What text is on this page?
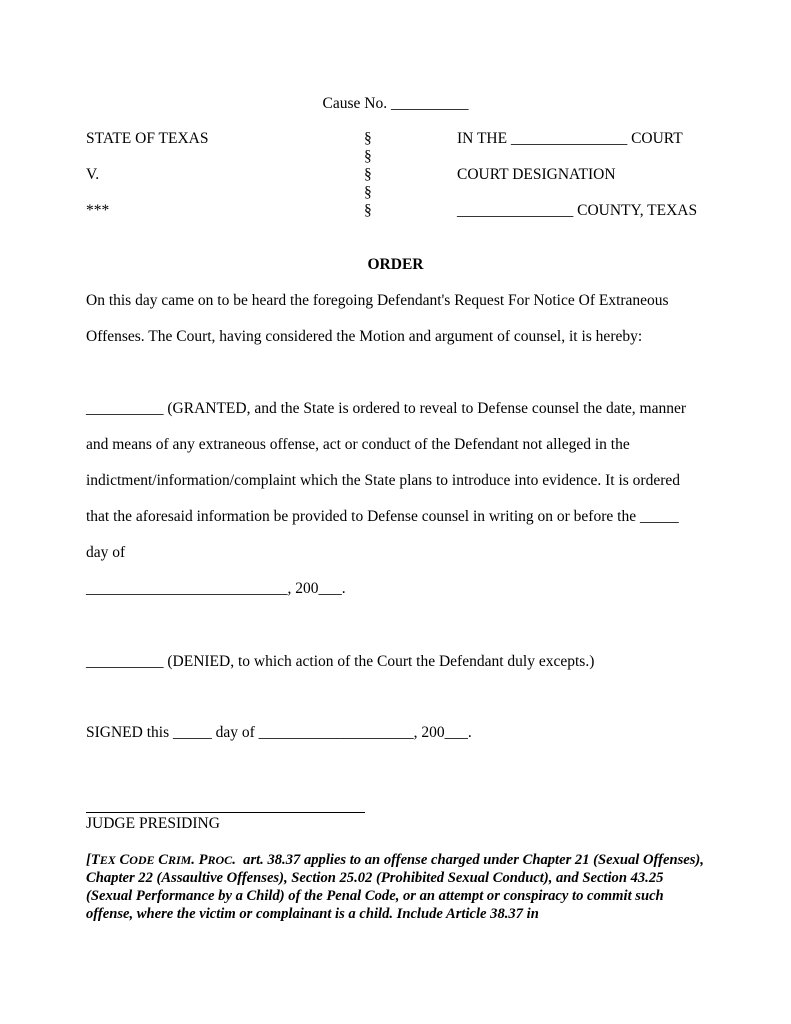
Cause No. __________
STATE OF TEXAS
V.
***
§
§
§
§
§
IN THE _______________ COURT
COURT DESIGNATION
_______________ COUNTY, TEXAS
ORDER
On this day came on to be heard the foregoing Defendant's Request For Notice Of Extraneous
Offenses. The Court, having considered the Motion and argument of counsel, it is hereby:
__________ (GRANTED, and the State is ordered to reveal to Defense counsel the date, manner
and means of any extraneous offense, act or conduct of the Defendant not alleged in the
indictment/information/complaint which the State plans to introduce into evidence. It is ordered
that the aforesaid information be provided to Defense counsel in writing on or before the _____
day of
__________________________, 200___.
__________ (DENIED, to which action of the Court the Defendant duly excepts.)
SIGNED this _____ day of ____________________, 200___.
JUDGE PRESIDING
[TEX CODE CRIM. PROC.  art. 38.37 applies to an offense charged under Chapter 21 (Sexual Offenses), Chapter 22 (Assaultive Offenses), Section 25.02 (Prohibited Sexual Conduct), and Section 43.25 (Sexual Performance by a Child) of the Penal Code, or an attempt or conspiracy to commit such offense, where the victim or complainant is a child. Include Article 38.37 in
